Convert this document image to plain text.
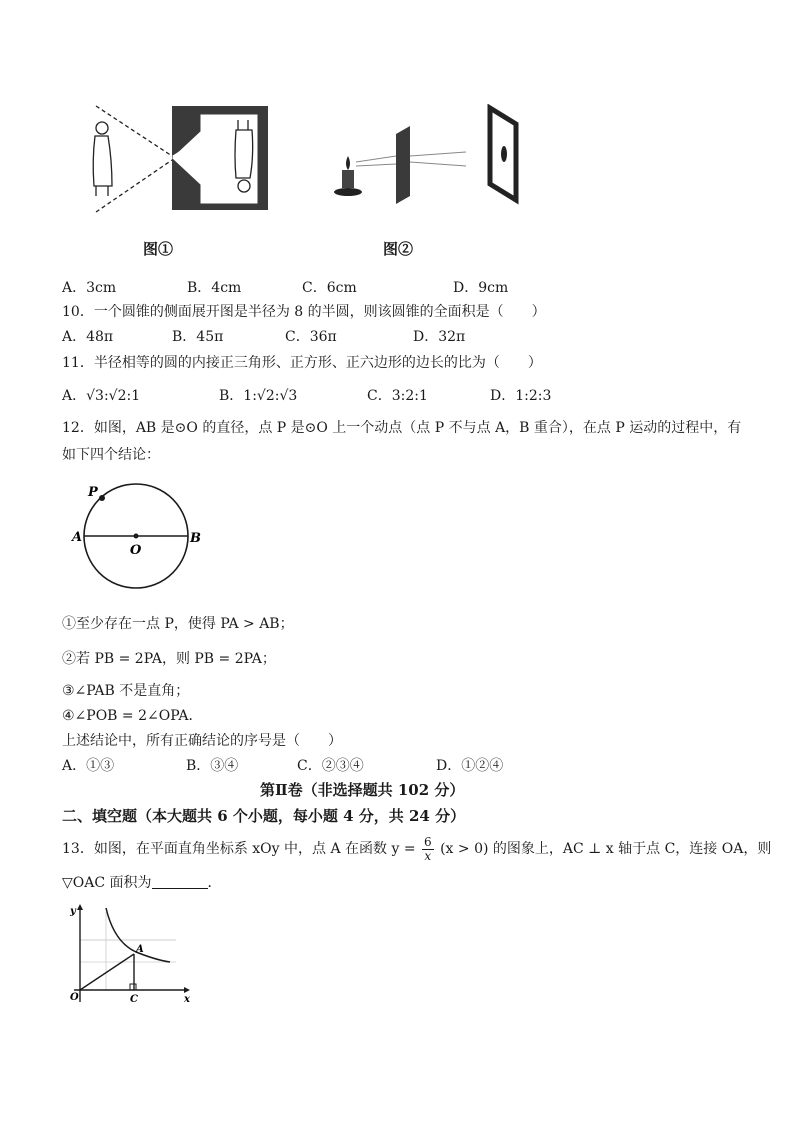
图①	图②
A．3cm	B．4cm	C．6cm	D．9cm
10．一个圆锥的侧面展开图是半径为 8 的半圆，则该圆锥的全面积是（　　）
A．48π	B．45π	C．36π	D．32π
11．半径相等的圆的内接正三角形、正方形、正六边形的边长的比为（　　）
A．√3:√2:1	B．1:√2:√3	C．3:2:1	D．1:2:3
12．如图，AB 是⊙O 的直径，点 P 是⊙O 上一个动点（点 P 不与点 A，B 重合），在点 P 运动的过程中，有
如下四个结论：
P
A
O
B
①至少存在一点 P，使得 PA > AB；
②若 PB = 2PA，则 PB = 2PA；
③∠PAB 不是直角；
④∠POB = 2∠OPA．
上述结论中，所有正确结论的序号是（　　）
A．①③	B．③④	C．②③④	D．①②④
第Ⅱ卷（非选择题共 102 分）
二、填空题（本大题共 6 个小题，每小题 4 分，共 24 分）
13．如图，在平面直角坐标系 xOy 中，点 A 在函数 $y = \frac{6}{x} (x > 0)$ 的图象上，AC ⊥ x 轴于点 C，连接 OA，则
▽OAC 面积为	．
y
A
O	C	x
